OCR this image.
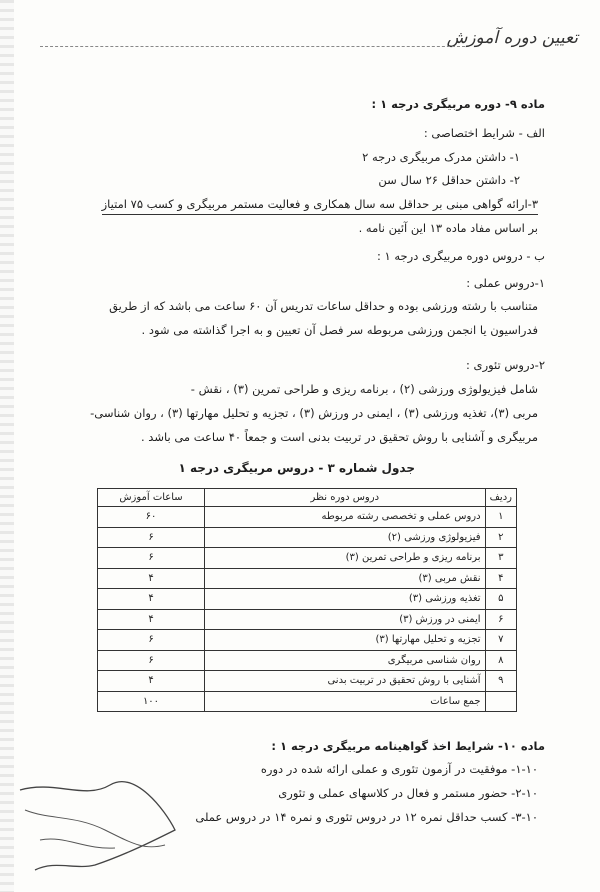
تعیین دوره آموزش
ماده ۹- دوره مربیگری درجه ۱ :
الف - شرایط اختصاصی :
۱- داشتن مدرک مربیگری درجه ۲
۲- داشتن حداقل ۲۶ سال سن
۳-ارائه گواهی مبنی بر حداقل سه سال همکاری و فعالیت مستمر مربیگری و کسب ۷۵ امتیاز
بر اساس مفاد ماده ۱۳ این آئین نامه .
ب - دروس دوره مربیگری درجه ۱ :
۱-دروس عملی :
متناسب با رشته ورزشی بوده و حداقل ساعات تدریس آن ۶۰ ساعت می باشد که از طریق
فدراسیون یا انجمن ورزشی مربوطه سر فصل آن تعیین و به اجرا گذاشته می شود .
۲-دروس تئوری :
شامل فیزیولوژی ورزشی (۲) ، برنامه ریزی و طراحی تمرین (۳) ، نقش -
مربی (۳)، تغذیه ورزشی (۳) ، ایمنی در ورزش (۳) ، تجزیه و تحلیل مهارتها (۳) ، روان شناسی-
مربیگری و آشنایی با روش تحقیق در تربیت بدنی است و جمعاً ۴۰ ساعت می باشد .
جدول شماره ۳ - دروس مربیگری درجه ۱
ردیف	دروس دوره نظر	ساعات آموزش
۱	دروس عملی و تخصصی رشته مربوطه	۶۰
۲	فیزیولوژی ورزشی (۲)	۶
۳	برنامه ریزی و طراحی تمرین (۳)	۶
۴	نقش مربی (۳)	۴
۵	تغذیه ورزشی (۳)	۴
۶	ایمنی در ورزش (۳)	۴
۷	تجزیه و تحلیل مهارتها (۳)	۶
۸	روان شناسی مربیگری	۶
۹	آشنایی با روش تحقیق در تربیت بدنی	۴
	جمع ساعات	۱۰۰
ماده ۱۰- شرایط اخذ گواهینامه مربیگری درجه ۱ :
۱-۱۰- موفقیت در آزمون تئوری و عملی ارائه شده در دوره
۲-۱۰- حضور مستمر و فعال در کلاسهای عملی و تئوری
۳-۱۰- کسب حداقل نمره ۱۲ در دروس تئوری و نمره ۱۴ در دروس عملی
